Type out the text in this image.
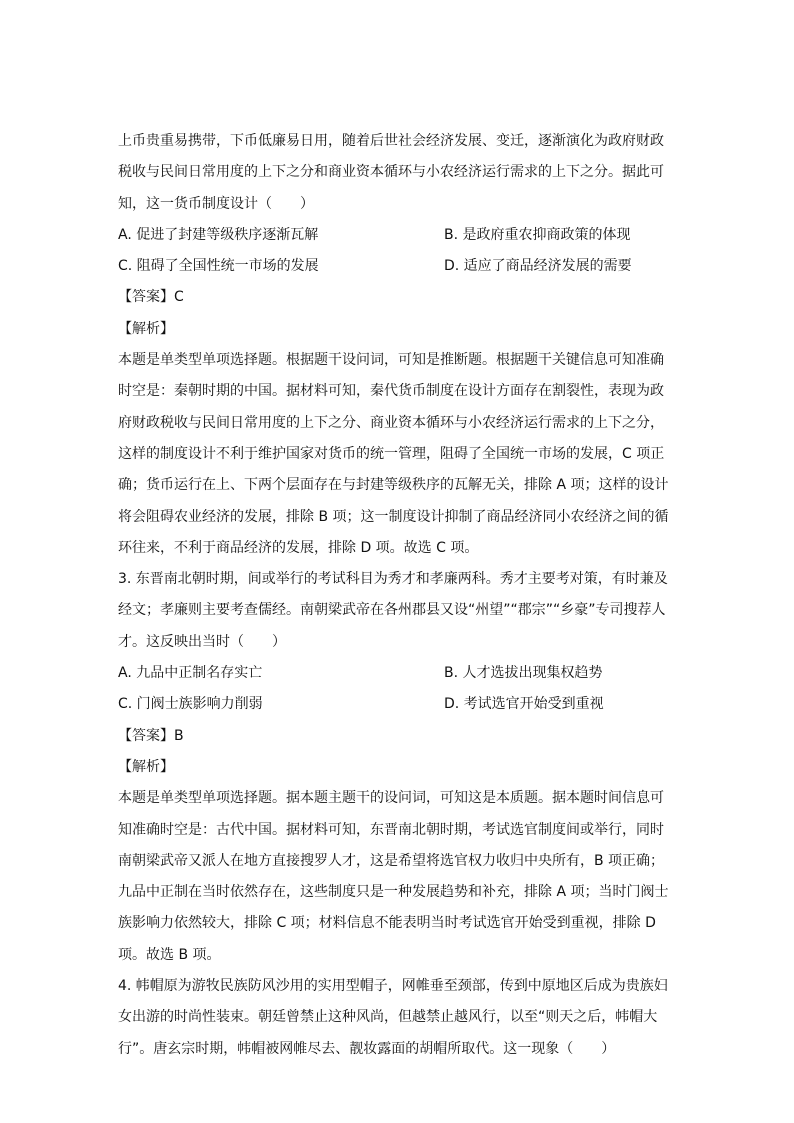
上币贵重易携带，下币低廉易日用，随着后世社会经济发展、变迁，逐渐演化为政府财政
税收与民间日常用度的上下之分和商业资本循环与小农经济运行需求的上下之分。据此可
知，这一货币制度设计（　　）
A. 促进了封建等级秩序逐渐瓦解	B. 是政府重农抑商政策的体现
C. 阻碍了全国性统一市场的发展	D. 适应了商品经济发展的需要
【答案】C
【解析】
本题是单类型单项选择题。根据题干设问词，可知是推断题。根据题干关键信息可知准确
时空是：秦朝时期的中国。据材料可知，秦代货币制度在设计方面存在割裂性，表现为政
府财政税收与民间日常用度的上下之分、商业资本循环与小农经济运行需求的上下之分，
这样的制度设计不利于维护国家对货币的统一管理，阻碍了全国统一市场的发展，C 项正
确；货币运行在上、下两个层面存在与封建等级秩序的瓦解无关，排除 A 项；这样的设计
将会阻碍农业经济的发展，排除 B 项；这一制度设计抑制了商品经济同小农经济之间的循
环往来，不利于商品经济的发展，排除 D 项。故选 C 项。
3. 东晋南北朝时期，间或举行的考试科目为秀才和孝廉两科。秀才主要考对策，有时兼及
经文；孝廉则主要考查儒经。南朝梁武帝在各州郡县又设“州望”“郡宗”“乡豪”专司搜荐人
才。这反映出当时（　　）
A. 九品中正制名存实亡	B. 人才选拔出现集权趋势
C. 门阀士族影响力削弱	D. 考试选官开始受到重视
【答案】B
【解析】
本题是单类型单项选择题。据本题主题干的设问词，可知这是本质题。据本题时间信息可
知准确时空是：古代中国。据材料可知，东晋南北朝时期，考试选官制度间或举行，同时
南朝梁武帝又派人在地方直接搜罗人才，这是希望将选官权力收归中央所有，B 项正确；
九品中正制在当时依然存在，这些制度只是一种发展趋势和补充，排除 A 项；当时门阀士
族影响力依然较大，排除 C 项；材料信息不能表明当时考试选官开始受到重视，排除 D
项。故选 B 项。
4. 帏帽原为游牧民族防风沙用的实用型帽子，网帷垂至颈部，传到中原地区后成为贵族妇
女出游的时尚性装束。朝廷曾禁止这种风尚，但越禁止越风行，以至“则天之后，帏帽大
行”。唐玄宗时期，帏帽被网帷尽去、靓妆露面的胡帽所取代。这一现象（　　）
